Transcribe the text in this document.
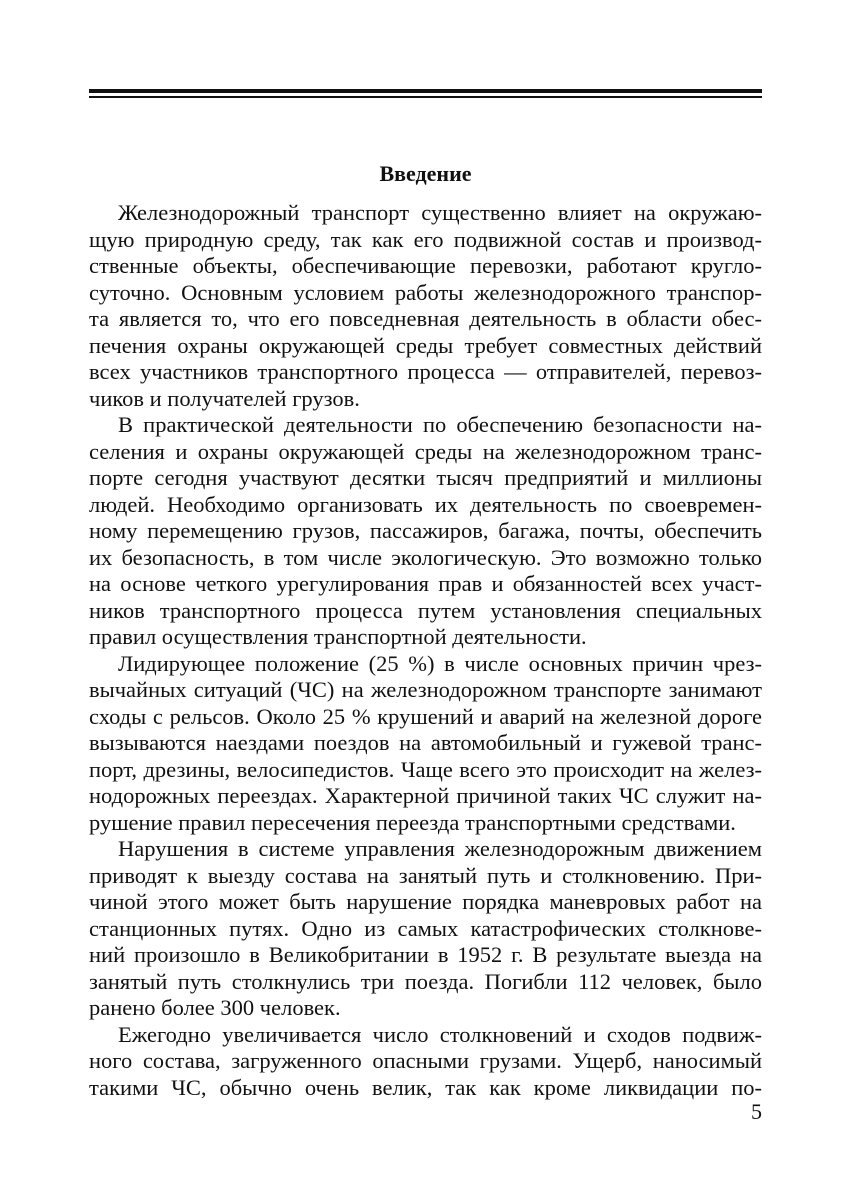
Введение
Железнодорожный транспорт существенно влияет на окружаю-
щую природную среду, так как его подвижной состав и производ-
ственные объекты, обеспечивающие перевозки, работают кругло-
суточно. Основным условием работы железнодорожного транспор-
та является то, что его повседневная деятельность в области обес-
печения охраны окружающей среды требует совместных действий
всех участников транспортного процесса — отправителей, перевоз-
чиков и получателей грузов.
В практической деятельности по обеспечению безопасности на-
селения и охраны окружающей среды на железнодорожном транс-
порте сегодня участвуют десятки тысяч предприятий и миллионы
людей. Необходимо организовать их деятельность по своевремен-
ному перемещению грузов, пассажиров, багажа, почты, обеспечить
их безопасность, в том числе экологическую. Это возможно только
на основе четкого урегулирования прав и обязанностей всех участ-
ников транспортного процесса путем установления специальных
правил осуществления транспортной деятельности.
Лидирующее положение (25 %) в числе основных причин чрез-
вычайных ситуаций (ЧС) на железнодорожном транспорте занимают
сходы с рельсов. Около 25 % крушений и аварий на железной дороге
вызываются наездами поездов на автомобильный и гужевой транс-
порт, дрезины, велосипедистов. Чаще всего это происходит на желез-
нодорожных переездах. Характерной причиной таких ЧС служит на-
рушение правил пересечения переезда транспортными средствами.
Нарушения в системе управления железнодорожным движением
приводят к выезду состава на занятый путь и столкновению. При-
чиной этого может быть нарушение порядка маневровых работ на
станционных путях. Одно из самых катастрофических столкнове-
ний произошло в Великобритании в 1952 г. В результате выезда на
занятый путь столкнулись три поезда. Погибли 112 человек, было
ранено более 300 человек.
Ежегодно увеличивается число столкновений и сходов подвиж-
ного состава, загруженного опасными грузами. Ущерб, наносимый
такими ЧС, обычно очень велик, так как кроме ликвидации по-
5
